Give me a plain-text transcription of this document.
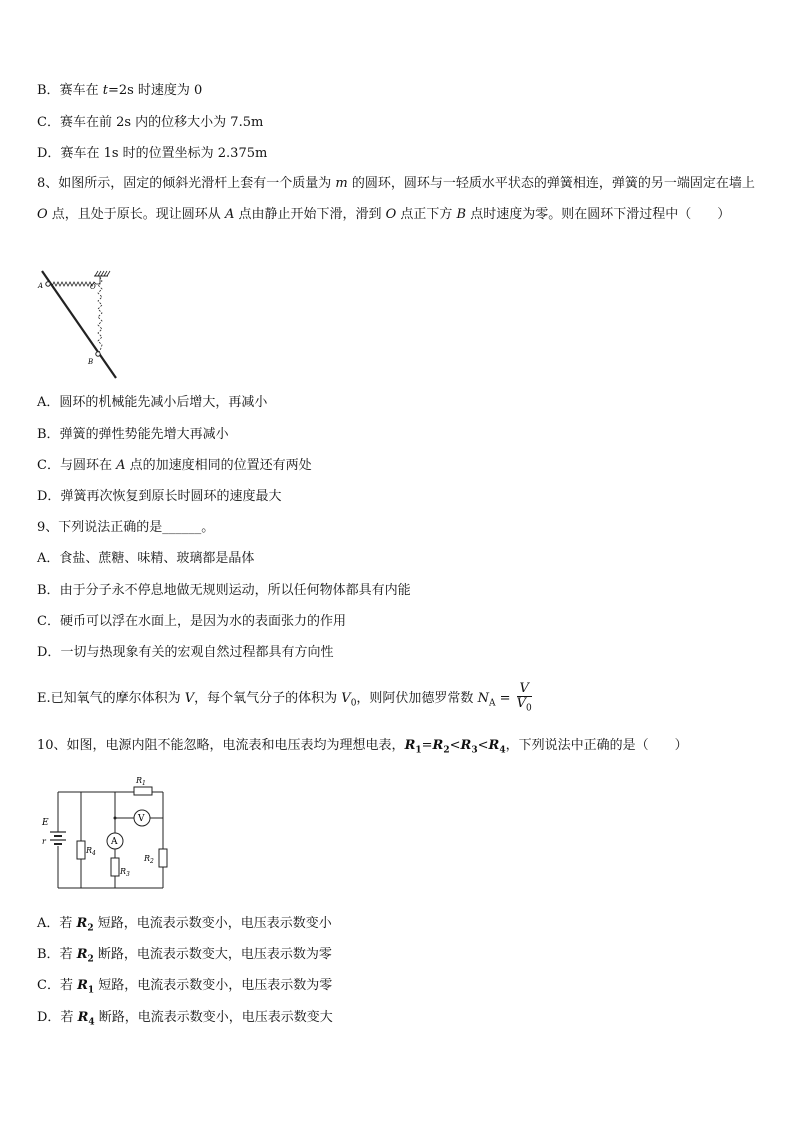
B．赛车在 t=2s 时速度为 0
C．赛车在前 2s 内的位移大小为 7.5m
D．赛车在 1s 时的位置坐标为 2.375m
8、如图所示，固定的倾斜光滑杆上套有一个质量为 m 的圆环，圆环与一轻质水平状态的弹簧相连，弹簧的另一端固定在墙上 O 点，且处于原长。现让圆环从 A 点由静止开始下滑，滑到 O 点正下方 B 点时速度为零。则在圆环下滑过程中（　　）
A	O
B
A．圆环的机械能先减小后增大，再减小
B．弹簧的弹性势能先增大再减小
C．与圆环在 A 点的加速度相同的位置还有两处
D．弹簧再次恢复到原长时圆环的速度最大
9、下列说法正确的是______。
A．食盐、蔗糖、味精、玻璃都是晶体
B．由于分子永不停息地做无规则运动，所以任何物体都具有内能
C．硬币可以浮在水面上，是因为水的表面张力的作用
D．一切与热现象有关的宏观自然过程都具有方向性
E.已知氧气的摩尔体积为 V，每个氧气分子的体积为 $V_0$，则阿伏加德罗常数 $N_A = \frac{V}{V_0}$
10、如图，电源内阻不能忽略，电流表和电压表均为理想电表，$R_1=R_2<R_3<R_4$，下列说法中正确的是（　　）
E
r	A
V
$R_1$
$R_2$
$R_3$
$R_4$
A．若 $R_2$ 短路，电流表示数变小，电压表示数变小
B．若 $R_2$ 断路，电流表示数变大，电压表示数为零
C．若 $R_1$ 短路，电流表示数变小，电压表示数为零
D．若 $R_4$ 断路，电流表示数变小，电压表示数变大
